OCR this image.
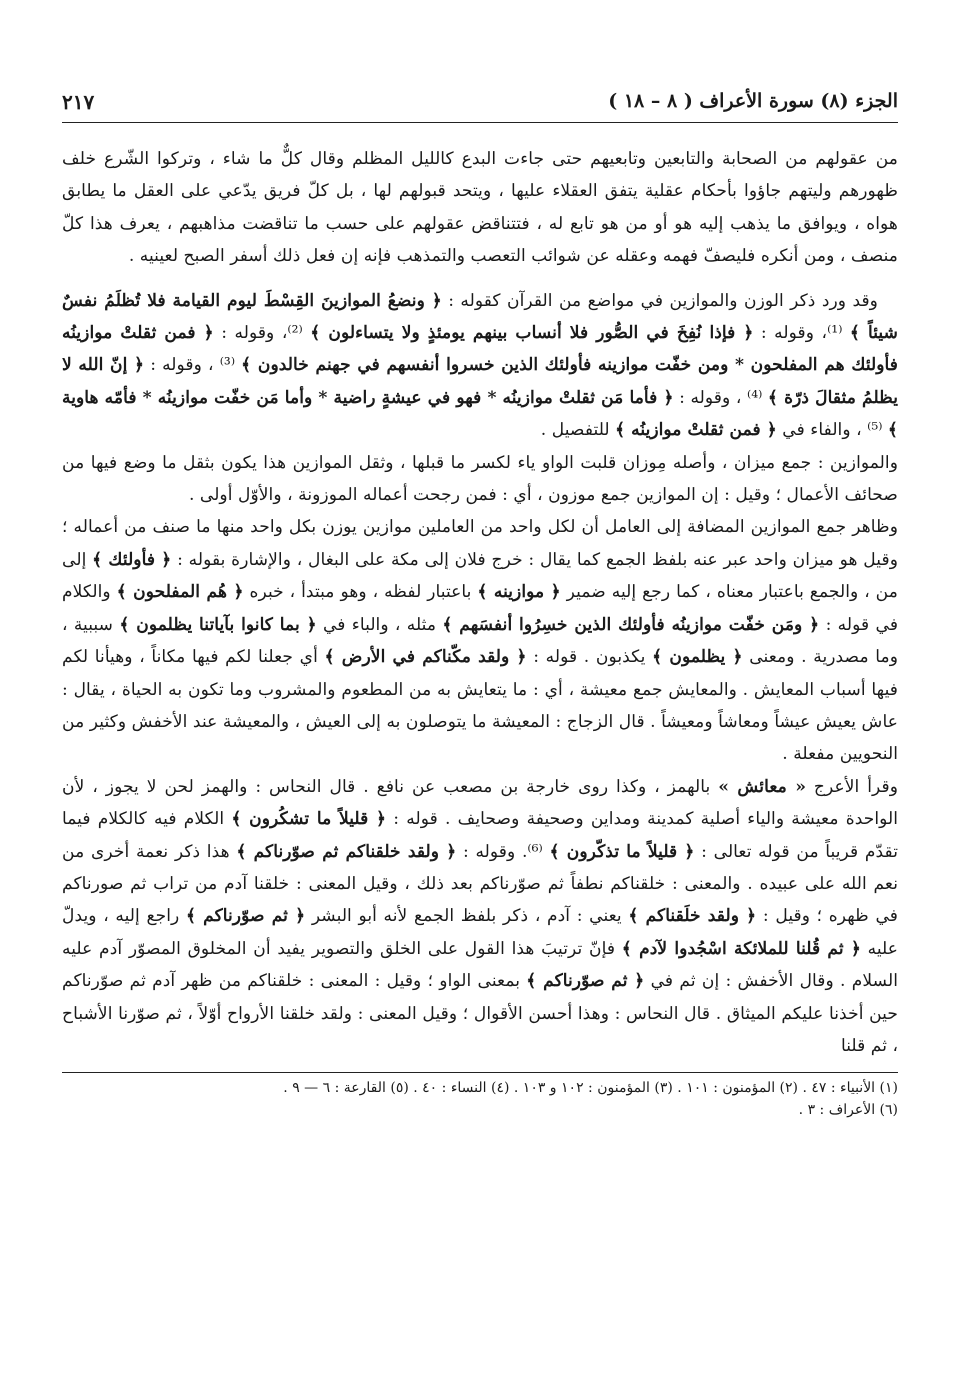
الجزء (٨) سورة الأعراف ( ٨ – ١٨ )
٢١٧

من عقولهم من الصحابة والتابعين وتابعيهم حتى جاءت البدع كالليل المظلم وقال كلٌّ ما شاء ، وتركوا الشّرع خلف ظهورهم وليتهم جاؤوا بأحكام عقلية يتفق العقلاء عليها ، ويتحد قبولهم لها ، بل كلّ فريق يدّعي على العقل ما يطابق هواه ، ويوافق ما يذهب إليه هو أو من هو تابع له ، فتتناقض عقولهم على حسب ما تناقضت مذاهبهم ، يعرف هذا كلّ منصف ، ومن أنكره فليصفّ فهمه وعقله عن شوائب التعصب والتمذهب فإنه إن فعل ذلك أسفر الصبح لعينيه .

وقد ورد ذكر الوزن والموازين في مواضع من القرآن كقوله : ﴿ ونضعُ الموازينَ القِسْطَ ليوم القيامة فلا تُظلَمُ نفسٌ شيئاً ﴾ ⁽¹⁾، وقوله : ﴿ فإذا نُفِخَ في الصُّور فلا أنساب بينهم يومئذٍ ولا يتساءلون ﴾ ⁽²⁾، وقوله : ﴿ فمن ثقلتْ موازينُه فأولئك هم المفلحون * ومن خفّت موازينه فأولئك الذين خسروا أنفسهم في جهنم خالدون ﴾ ⁽³⁾ ، وقوله : ﴿ إنّ الله لا يظلمُ مثقالَ ذرّة ﴾ ⁽⁴⁾ ، وقوله : ﴿ فأما مَن ثقلتْ موازينُه * فهو في عيشةٍ راضية * وأما مَن خفّت موازينُه * فأمّه هاوية ﴾ ⁽⁵⁾ ، والفاء في ﴿ فمن ثقلتْ موازينُه ﴾ للتفصيل .

والموازين : جمع ميزان ، وأصله مِوزان قلبت الواو ياء لكسر ما قبلها ، وثقل الموازين هذا يكون بثقل ما وضع فيها من صحائف الأعمال ؛ وقيل : إن الموازين جمع موزون ، أي : فمن رجحت أعماله الموزونة ، والأوّل أولى .

وظاهر جمع الموازين المضافة إلى العامل أن لكل واحد من العاملين موازين يوزن بكل واحد منها ما صنف من أعماله ؛ وقيل هو ميزان واحد عبر عنه بلفظ الجمع كما يقال : خرج فلان إلى مكة على البغال ، والإشارة بقوله : ﴿ فأولئك ﴾ إلى من ، والجمع باعتبار معناه ، كما رجع إليه ضمير ﴿ موازينه ﴾ باعتبار لفظه ، وهو مبتدأ ، خبره ﴿ هُم المفلحون ﴾ والكلام في قوله : ﴿ ومَن خفّت موازينُه فأولئك الذين خسِرُوا أنفسَهم ﴾ مثله ، والباء في ﴿ بما كانوا بآياتنا يظلمون ﴾ سببية ، وما مصدرية . ومعنى ﴿ يظلمون ﴾ يكذبون . قوله : ﴿ ولقد مكّناكم في الأرض ﴾ أي جعلنا لكم فيها مكاناً ، وهيأنا لكم فيها أسباب المعايش . والمعايش جمع معيشة ، أي : ما يتعايش به من المطعوم والمشروب وما تكون به الحياة ، يقال : عاش يعيش عيشاً ومعاشاً ومعيشاً . قال الزجاج : المعيشة ما يتوصلون به إلى العيش ، والمعيشة عند الأخفش وكثير من النحويين مفعلة .

وقرأ الأعرج « معائش » بالهمز ، وكذا روى خارجة بن مصعب عن نافع . قال النحاس : والهمز لحن لا يجوز ، لأن الواحدة معيشة والياء أصلية كمدينة ومداين وصحيفة وصحايف . قوله : ﴿ قليلاً ما تشكُرون ﴾ الكلام فيه كالكلام فيما تقدّم قريباً من قوله تعالى : ﴿ قليلاً ما تذكّرون ﴾ ⁽⁶⁾. وقوله : ﴿ ولقد خلقناكم ثم صوّرناكم ﴾ هذا ذكر نعمة أخرى من نعم الله على عبيده . والمعنى : خلقناكم نطفاً ثم صوّرناكم بعد ذلك ، وقيل المعنى : خلقنا آدم من تراب ثم صورناكم في ظهره ؛ وقيل : ﴿ ولقد خلَقناكم ﴾ يعني : آدم ، ذكر بلفظ الجمع لأنه أبو البشر ﴿ ثم صوّرناكم ﴾ راجع إليه ، ويدلّ عليه ﴿ ثم قُلنا للملائكة اسْجُدوا لآدم ﴾ فإنّ ترتيبَ هذا القول على الخلق والتصوير يفيد أن المخلوق المصوّر آدم عليه السلام . وقال الأخفش : إن ثم في ﴿ ثم صوّرناكم ﴾ بمعنى الواو ؛ وقيل : المعنى : خلقناكم من ظهر آدم ثم صوّرناكم حين أخذنا عليكم الميثاق . قال النحاس : وهذا أحسن الأقوال ؛ وقيل المعنى : ولقد خلقنا الأرواح أوّلاً ، ثم صوّرنا الأشباح ، ثم قلنا

(١) الأنبياء : ٤٧ . (٢) المؤمنون : ١٠١ . (٣) المؤمنون : ١٠٢ و ١٠٣ . (٤) النساء : ٤٠ . (٥) القارعة : ٦ — ٩ .
(٦) الأعراف : ٣ .
